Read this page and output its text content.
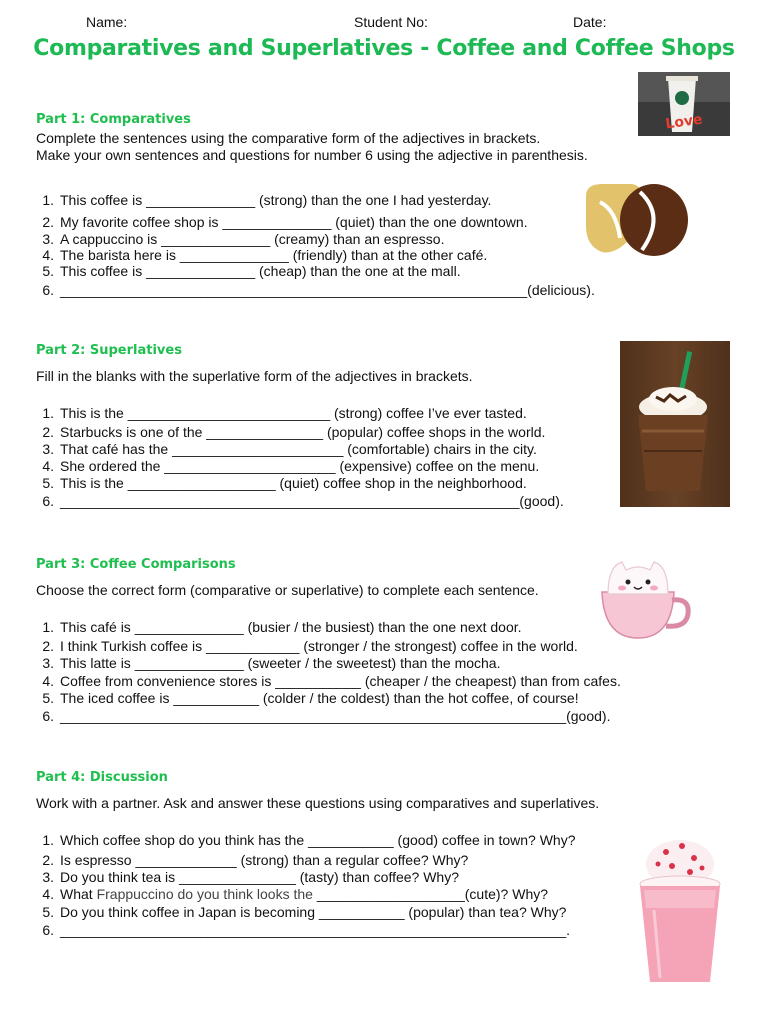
Name:	Student No:	Date:
Comparatives and Superlatives - Coffee and Coffee Shops
Love
Part 1: Comparatives
Complete the sentences using the comparative form of the adjectives in brackets.
Make your own sentences and questions for number 6 using the adjective in parenthesis.
1. This coffee is ______________ (strong) than the one I had yesterday.
2. My favorite coffee shop is ______________ (quiet) than the one downtown.
3. A cappuccino is ______________ (creamy) than an espresso.
4. The barista here is ______________ (friendly) than at the other café.
5. This coffee is ______________ (cheap) than the one at the mall.
6. ____________________________________________________________(delicious).
Part 2: Superlatives
Fill in the blanks with the superlative form of the adjectives in brackets.
1. This is the __________________________ (strong) coffee I’ve ever tasted.
2. Starbucks is one of the _______________ (popular) coffee shops in the world.
3. That café has the ______________________ (comfortable) chairs in the city.
4. She ordered the ______________________ (expensive) coffee on the menu.
5. This is the ___________________ (quiet) coffee shop in the neighborhood.
6. ___________________________________________________________(good).
Part 3: Coffee Comparisons
Choose the correct form (comparative or superlative) to complete each sentence.
1. This café is ______________ (busier / the busiest) than the one next door.
2. I think Turkish coffee is ____________ (stronger / the strongest) coffee in the world.
3. This latte is ______________ (sweeter / the sweetest) than the mocha.
4. Coffee from convenience stores is ___________ (cheaper / the cheapest) than from cafes.
5. The iced coffee is ___________ (colder / the coldest) than the hot coffee, of course!
6. _________________________________________________________________(good).
Part 4: Discussion
Work with a partner. Ask and answer these questions using comparatives and superlatives.
1. Which coffee shop do you think has the ___________ (good) coffee in town? Why?
2. Is espresso _____________ (strong) than a regular coffee? Why?
3. Do you think tea is _______________ (tasty) than coffee? Why?
4. What Frappuccino do you think looks the ___________________(cute)? Why?
5. Do you think coffee in Japan is becoming ___________ (popular) than tea? Why?
6. _________________________________________________________________.
